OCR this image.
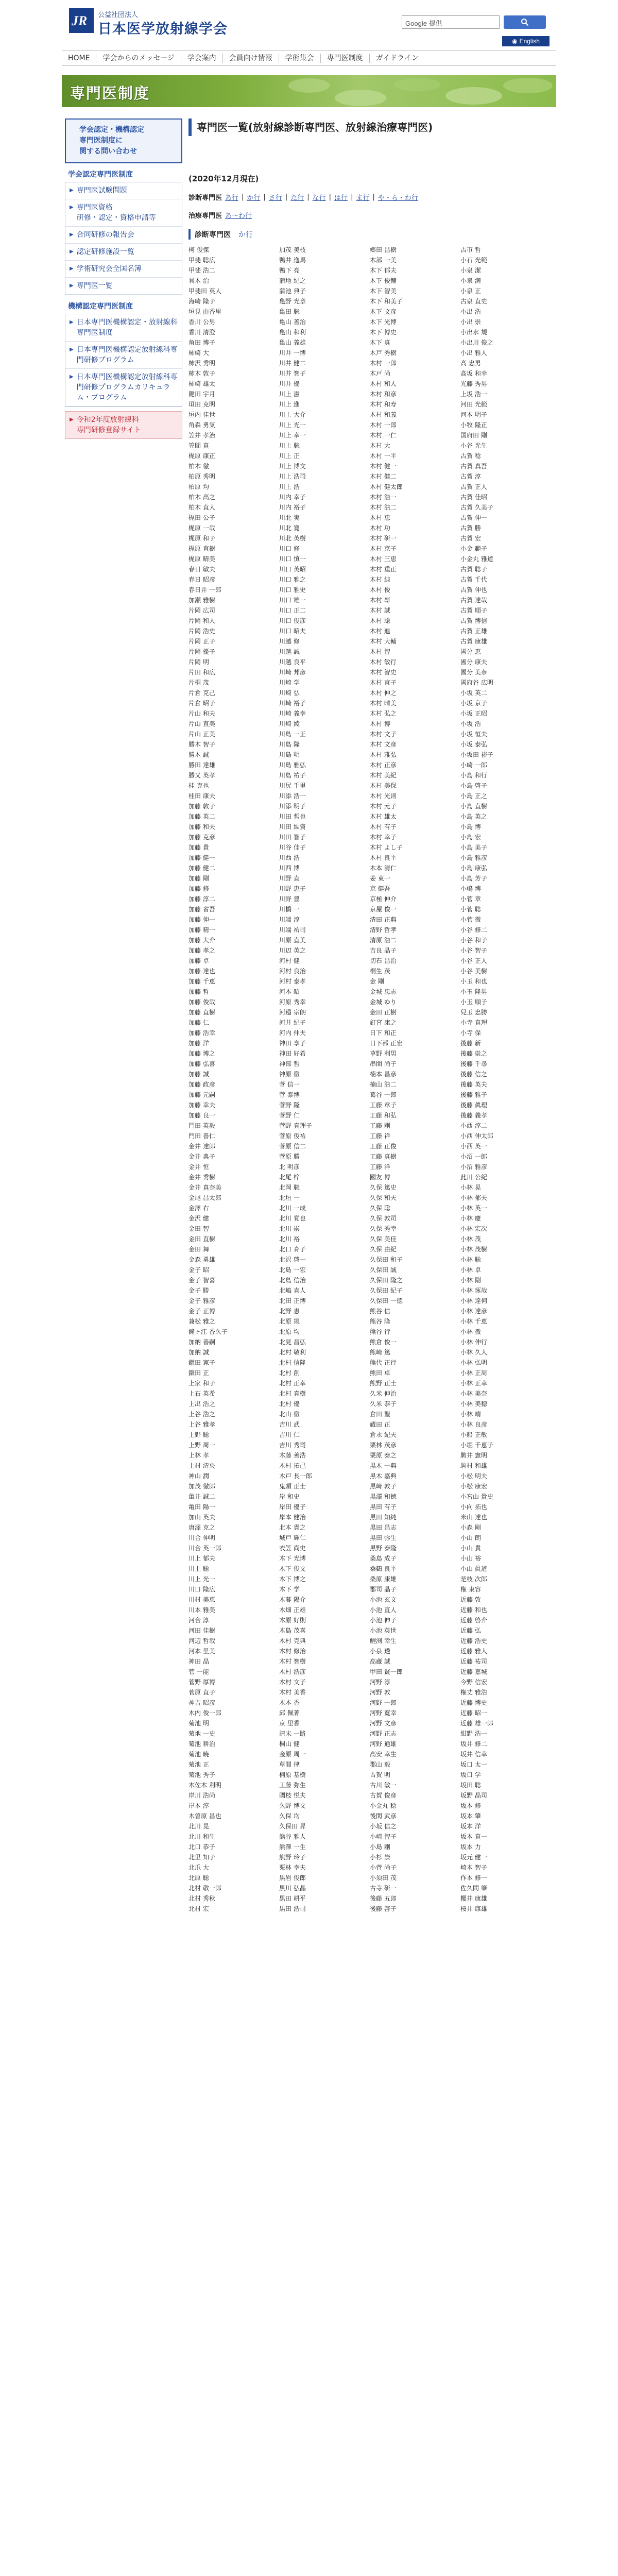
JR 公益社団法人
日本医学放射線学会	Google 提供
◉ English
HOME	学会からのメッセージ	学会案内	会員向け情報	学術集会	専門医制度	ガイドライン
専門医制度
学会認定・機構認定
専門医制度に
関する問い合わせ
学会認定専門医制度
▶ 専門医試験問題
▶ 専門医資格
研修・認定・資格申請等
▶ 合同研修の報告会
▶ 認定研修施設一覧
▶ 学術研究会全国名簿
▶ 専門医一覧
機構認定専門医制度
▶ 日本専門医機構認定・放射線科専門医制度
▶ 日本専門医機構認定放射線科専門研修プログラム
▶ 日本専門医機構認定放射線科専門研修プログラムカリキュラム・プログラム
▶ 令和2年度放射線科
専門研修登録サイト
専門医一覧(放射線診断専門医、放射線治療専門医)
(2020年12月現在)
診断専門医 あ行 | か行 | さ行 | た行 | な行 | は行 | ま行 | や・ら・わ行
治療専門医 あ〜わ行
診断専門医 か行
柯 俊傑	加茂 美枝	郷田 昌樹	古市 哲
甲斐 聡広	鴨井 逸馬	木部 一美	小石 光範
甲斐 浩二	鴨下 亮	木下 郁夫	小泉 潔
貝木 治	蒲地 紀之	木下 俊輔	小泉 満
甲斐田 英人	蒲池 典子	木下 智美	小泉 正
海崎 隆子	亀野 光章	木下 和美子	古泉 直史
垣見 由香里	亀田 聡	木下 文彦	小出 浩
香川 公男	亀山 善治	木下 光博	小出 崇
香川 清澄	亀山 和利	木下 博史	小出水 規
角田 博子	亀山 義雄	木下 真	小出川 俊之
柿崎 大	川井 一博	木戸 秀樹	小出 雅人
柿沢 秀明	川井 健二	木村 一郎	高 忠男
柿木 敦子	川井 智子	木戸 尚	高坂 和幸
柿崎 雄太	川井 優	木村 和人	光藤 秀男
鍵田 宇月	川上 滋	木村 和彦	上坂 浩一
垣田 克明	川上 進	木村 和寿	河田 光範
垣内 佳世	川上 大介	木村 和義	河本 明子
角森 勇気	川上 光一	木村 一郎	小牧 隆正
笠井 孝治	川上 幸一	木村 一仁	国府田 剛
笠間 真	川上 聡	木村 大	小谷 光生
梶原 康正	川上 正	木村 一平	古賀 稔
柏木 徹	川上 博文	木村 健一	古賀 真吾
柏原 秀明	川上 浩司	木村 健二	古賀 淳
柏原 均	川上 浩	木村 健太郎	古賀 正人
柏木 高之	川内 幸子	木村 浩一	古賀 佳昭
柏木 直人	川内 裕子	木村 浩二	古賀 久美子
梶田 公子	川北 実	木村 恵	古賀 伸一
梶原 一哉	川北 寛	木村 功	古賀 勝
梶原 和子	川北 英樹	木村 研一	古賀 宏
梶原 直樹	川口 修	木村 京子	小金 範子
梶原 晴美	川口 慎一	木村 三恵	小金丸 雅道
春日 敏夫	川口 英昭	木村 重正	古賀 聡子
春日 昭彦	川口 雅之	木村 純	古賀 千代
春日井 一郎	川口 雅史	木村 俊	古賀 伸也
加瀬 雅樹	川口 雄一	木村 彰	古賀 達哉
片岡 広司	川口 正二	木村 誠	古賀 順子
片岡 和人	川口 俊彦	木村 聡	古賀 博信
片岡 浩史	川口 昭夫	木村 進	古賀 正雄
片岡 正子	川越 修	木村 大輔	古賀 康雄
片岡 優子	川越 誠	木村 智	國分 恵
片岡 明	川越 良平	木村 敏行	國分 康夫
片田 和広	川崎 邦彦	木村 智史	國分 美奈
片桐 茂	川崎 学	木村 直子	國府谷 広明
片倉 克己	川崎 弘	木村 伸之	小坂 英二
片倉 昭子	川崎 裕子	木村 晴美	小坂 京子
片山 和夫	川崎 義幸	木村 弘之	小坂 正昭
片山 直美	川崎 綾	木村 博	小坂 浩
片山 正美	川島 一正	木村 文子	小坂 恒夫
勝木 智子	川島 隆	木村 文彦	小坂 泰弘
勝木 誠	川島 明	木村 雅弘	小坂田 裕子
勝田 達雄	川島 雅弘	木村 正彦	小崎 一郎
勝又 英孝	川島 祐子	木村 美紀	小島 和行
桂 克也	川尻 千里	木村 美保	小島 啓子
桂田 康夫	川添 浩一	木村 光則	小島 正之
加藤 敦子	川添 明子	木村 元子	小島 直樹
加藤 英二	川田 哲也	木村 雄太	小島 英之
加藤 和夫	川田 紘資	木村 有子	小島 博
加藤 克彦	川田 智子	木村 幸子	小島 宏
加藤 貴	川谷 佳子	木村 よし子	小島 美子
加藤 健一	川西 浩	木村 良平	小島 雅彦
加藤 健二	川西 博	木本 清仁	小島 康弘
加藤 剛	川野 直	姜 東一	小島 芳子
加藤 修	川野 恵子	京 健吾	小嶋 博
加藤 淳二	川野 豊	京極 伸介	小菅 章
加藤 省吾	川橋 一	京屋 俊一	小菅 聡
加藤 伸一	川端 淳	清田 正典	小菅 徹
加藤 精一	川端 祐司	清野 哲孝	小谷 修二
加藤 大介	川原 直美	清原 浩二	小谷 和子
加藤 孝之	川辺 英之	吉良 晶子	小谷 智子
加藤 卓	河村 健	切石 昌治	小谷 正人
加藤 達也	河村 良治	桐生 茂	小谷 美樹
加藤 千恵	河村 泰孝	金 剛	小玉 和也
加藤 哲	河本 昭	金城 忠志	小玉 隆男
加藤 俊哉	河原 秀幸	金城 ゆり	小玉 順子
加藤 直樹	河邉 宗朗	金田 正樹	兒玉 忠勝
加藤 仁	河井 紀子	釘宮 康之	小寺 真理
加藤 浩幸	河内 伸夫	日下 和正	小寺 保
加藤 洋	神田 享子	日下部 正宏	後藤 新
加藤 博之	神田 好希	草野 利男	後藤 崇之
加藤 弘喜	神部 哲	串間 尚子	後藤 千尋
加藤 誠	神原 徹	楠本 昌彦	後藤 信之
加藤 政彦	菅 信一	楠山 浩二	後藤 英夫
加藤 元嗣	菅 泰博	葛谷 一郎	後藤 雅子
加藤 幸夫	菅野 隆	工藤 章子	後藤 眞理
加藤 良一	菅野 仁	工藤 和弘	後藤 義孝
門田 英毅	菅野 真理子	工藤 剛	小西 淳二
門田 善仁	菅原 俊祐	工藤 祥	小西 伸太郎
金井 達郎	菅原 信二	工藤 正俊	小西 英一
金井 典子	菅原 勝	工藤 真樹	小沼 一郎
金井 恒	北 明彦	工藤 洋	小沼 雅彦
金井 秀樹	北尾 梓	國友 博	此川 公紀
金井 真奈美	北岡 聡	久保 篤史	小林 晃
金尾 昌太郎	北垣 一	久保 和夫	小林 郁夫
金澤 右	北川 一成	久保 聡	小林 英一
金沢 健	北川 覚也	久保 敦司	小林 慶
金田 智	北川 崇	久保 秀幸	小林 宏次
金田 直樹	北川 裕	久保 美佳	小林 茂
金田 舞	北口 育子	久保 由紀	小林 茂樹
金森 勇雄	北沢 啓一	久保田 和子	小林 聡
金子 昭	北島 一宏	久保田 誠	小林 卓
金子 智喜	北島 信治	久保田 隆之	小林 剛
金子 勝	北嶋 直人	久保田 紀子	小林 琢哉
金子 雅彦	北田 正博	久保田 一徳	小林 達伺
金子 正博	北野 恵	熊谷 信	小林 達彦
兼松 雅之	北原 規	熊谷 隆	小林 千恵
鐘ヶ江 香久子	北原 均	熊谷 行	小林 徹
加納 善嗣	北見 昌弘	熊倉 俊一	小林 伸行
加納 誠	北村 敬利	熊崎 篤	小林 久人
鎌田 憲子	北村 信隆	熊代 正行	小林 弘明
鎌田 正	北村 創	熊田 卓	小林 正周
上家 和子	北村 正幸	熊野 正士	小林 正幸
上石 英希	北村 真樹	久米 伸治	小林 美奈
上出 浩之	北村 優	久米 恭子	小林 美穂
上谷 浩之	北山 徹	倉田 聖	小林 靖
上谷 雅孝	吉川 武	蔵田 正	小林 良彦
上野 聡	吉川 仁	倉永 紀夫	小船 正敏
上野 周一	吉川 秀司	栗林 茂彦	小堀 千恵子
上林 孝	木藤 善浩	栗原 泰之	駒井 憲明
上村 清央	木村 拓己	黒木 一典	駒村 和雄
神山 潤	木戸 長一郎	黒木 嘉典	小松 明夫
加茂 徹郎	鬼頭 正士	黒﨑 敦子	小松 康宏
亀井 誠二	岸 和史	黒澤 和徳	小宮山 貴史
亀田 陽一	岸田 優子	黒田 有子	小向 拓也
加山 英夫	岸本 健治	黒田 知純	米山 達也
唐澤 克之	北本 貴之	黒田 昌志	小森 剛
川合 伸明	城戸 輝仁	黒田 弥生	小山 朗
川合 英一郎	衣笠 尚史	黒野 泰隆	小山 貴
川上 郁夫	木下 光博	桑島 成子	小山 裕
川上 聡	木下 俊文	桑鶴 良平	小山 眞道
川上 光一	木下 博之	桑原 康雄	是枝 次郎
川口 隆広	木下 学	郡司 晶子	権 東容
川村 美恵	木暮 陽介	小池 玄文	近藤 敦
川本 雅美	木畑 正雄	小池 直人	近藤 和也
河合 淳	木原 好則	小池 伸子	近藤 啓介
河田 佳樹	木島 茂喜	小池 英世	近藤 弘
河辺 哲哉	木村 克典	鯉渕 幸生	近藤 浩史
河本 里美	木村 修治	小泉 透	近藤 雅人
神田 晶	木村 智樹	高蔵 誠	近藤 祐司
菅 一能	木村 浩彦	甲田 賢一郎	近藤 嘉城
菅野 厚博	木村 文子	河野 淳	今野 信宏
菅原 直子	木村 美香	河野 敦	権丈 雅浩
神吉 昭彦	木本 香	河野 一郎	近藤 博史
木内 俊一郎	邱 佩菁	河野 寛幸	近藤 昭一
菊池 明	京 里香	河野 文彦	近藤 雄一郎
菊地 一史	清末 一路	河野 正志	紺野 浩一
菊池 耕治	桐山 健	河野 通雄	坂井 修二
菊池 暁	金原 周一	高安 幸生	坂井 信幸
菊池 正	草間 律	郡山 毅	坂口 太一
菊池 秀子	楠原 基樹	古賀 明	坂口 学
木佐木 利明	工藤 弥生	古川 敏一	坂田 聡
岸川 浩尚	國枝 悦夫	古賀 俊彦	坂野 晶司
岸本 淳	久野 博文	小金丸 稔	坂本 修
木曽原 昌也	久保 均	後閑 武彦	坂本 肇
北川 晃	久保田 昇	小坂 信之	坂本 洋
北川 和生	熊谷 雅人	小崎 智子	坂本 真一
北口 恭子	熊澤 一生	小島 剛	坂本 力
北里 知子	熊野 玲子	小杉 崇	坂元 健一
北爪 大	栗林 幸夫	小菅 尚子	崎本 智子
北原 聡	黒岩 俊郎	小須田 茂	作本 修一
北村 敬一郎	黒川 弘晶	古寺 研一	佐久間 肇
北村 秀秋	黒田 耕平	後藤 五郎	櫻井 康雄
北村 宏	黒田 浩司	後藤 啓子	桜井 康雄
